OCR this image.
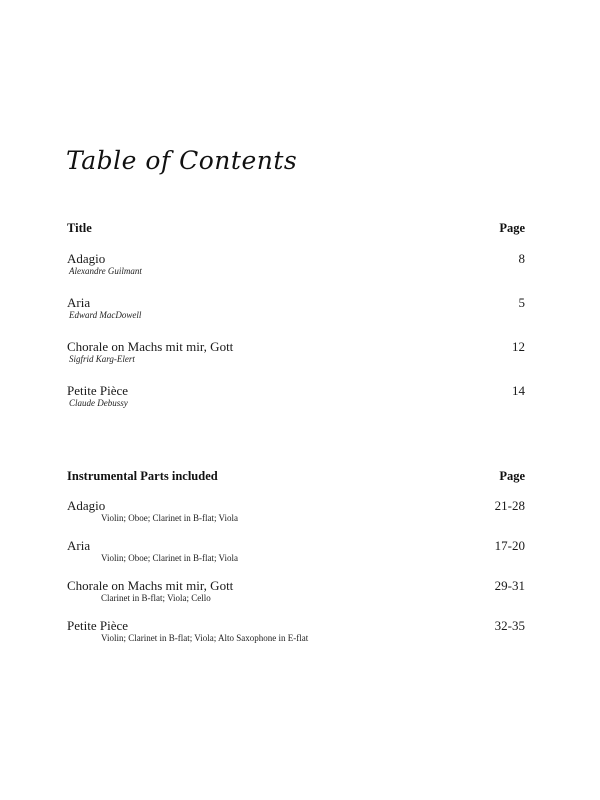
Table of Contents
Title	Page
Adagio	8
Alexandre Guilmant
Aria	5
Edward MacDowell
Chorale on Machs mit mir, Gott	12
Sigfrid Karg-Elert
Petite Pièce	14
Claude Debussy
Instrumental Parts included	Page
Adagio	21-28
Violin; Oboe; Clarinet in B-flat; Viola
Aria	17-20
Violin; Oboe; Clarinet in B-flat; Viola
Chorale on Machs mit mir, Gott	29-31
Clarinet in B-flat; Viola; Cello
Petite Pièce	32-35
Violin; Clarinet in B-flat; Viola; Alto Saxophone in E-flat
